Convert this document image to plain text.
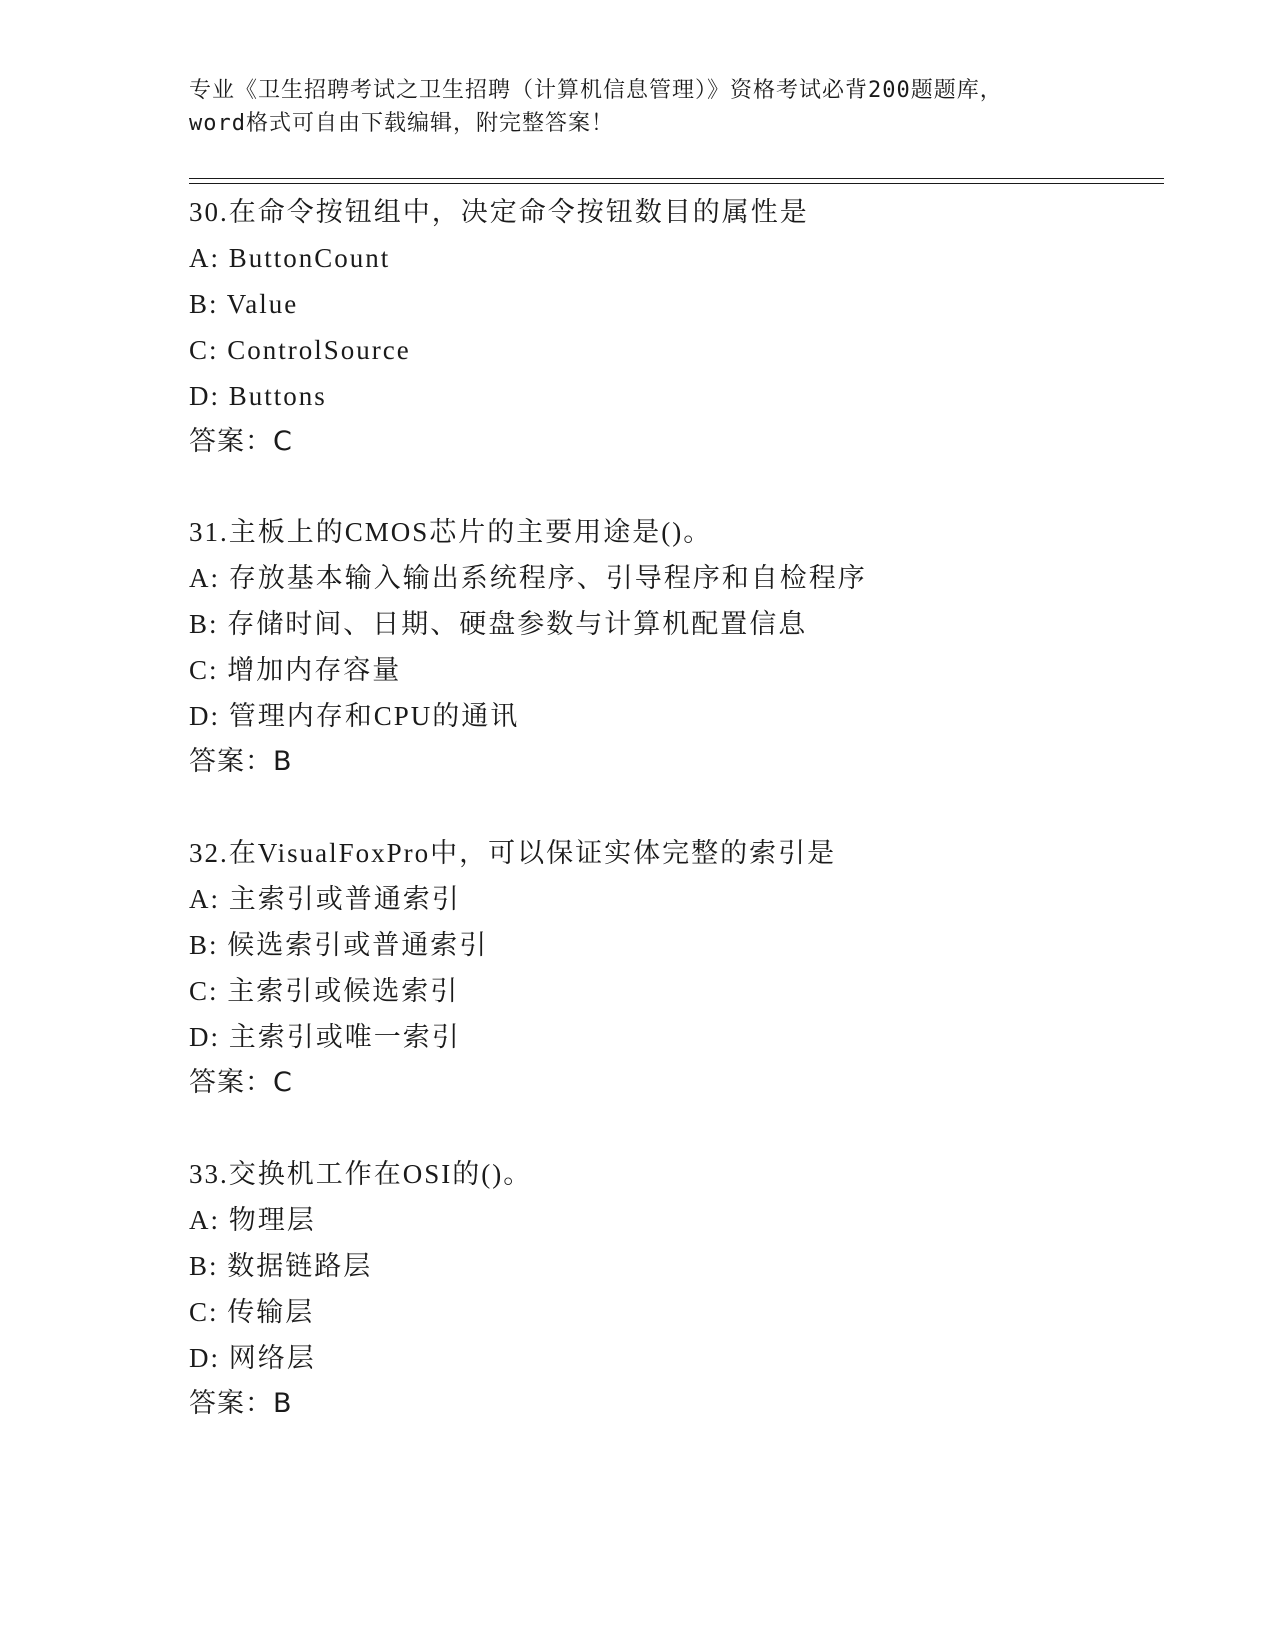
专业《卫生招聘考试之卫生招聘（计算机信息管理）》资格考试必背200题题库，
word格式可自由下载编辑，附完整答案！
30.在命令按钮组中，决定命令按钮数目的属性是
A: ButtonCount
B: Value
C: ControlSource
D: Buttons
答案：C
31.主板上的CMOS芯片的主要用途是()。
A: 存放基本输入输出系统程序、引导程序和自检程序
B: 存储时间、日期、硬盘参数与计算机配置信息
C: 增加内存容量
D: 管理内存和CPU的通讯
答案：B
32.在VisualFoxPro中，可以保证实体完整的索引是
A: 主索引或普通索引
B: 候选索引或普通索引
C: 主索引或候选索引
D: 主索引或唯一索引
答案：C
33.交换机工作在OSI的()。
A: 物理层
B: 数据链路层
C: 传输层
D: 网络层
答案：B
